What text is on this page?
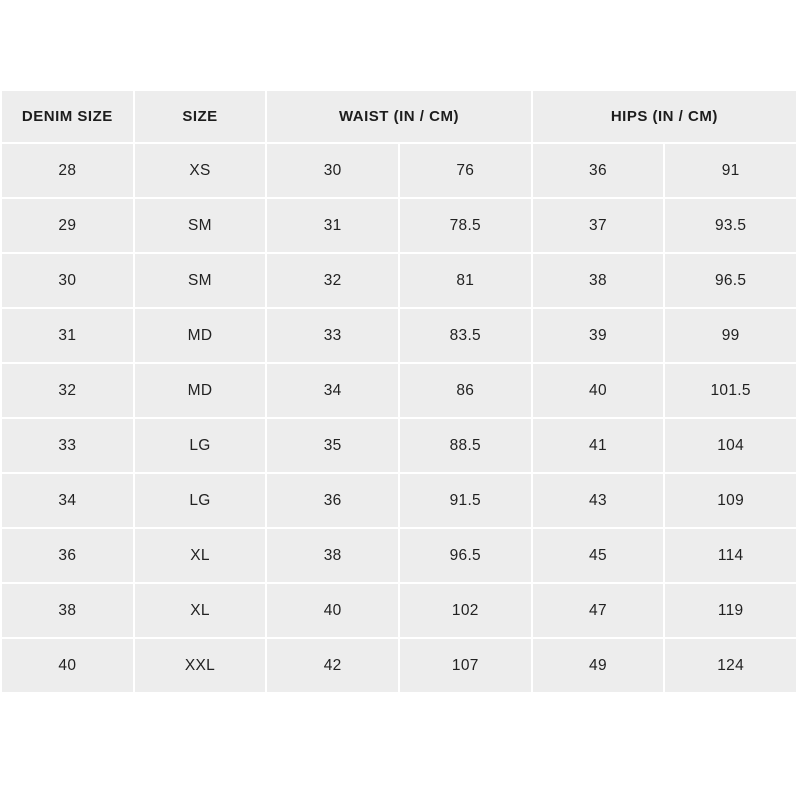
DENIM SIZE	SIZE	WAIST (IN / CM)		HIPS (IN / CM)	
28	XS	30	76	36	91
29	SM	31	78.5	37	93.5
30	SM	32	81	38	96.5
31	MD	33	83.5	39	99
32	MD	34	86	40	101.5
33	LG	35	88.5	41	104
34	LG	36	91.5	43	109
36	XL	38	96.5	45	114
38	XL	40	102	47	119
40	XXL	42	107	49	124
